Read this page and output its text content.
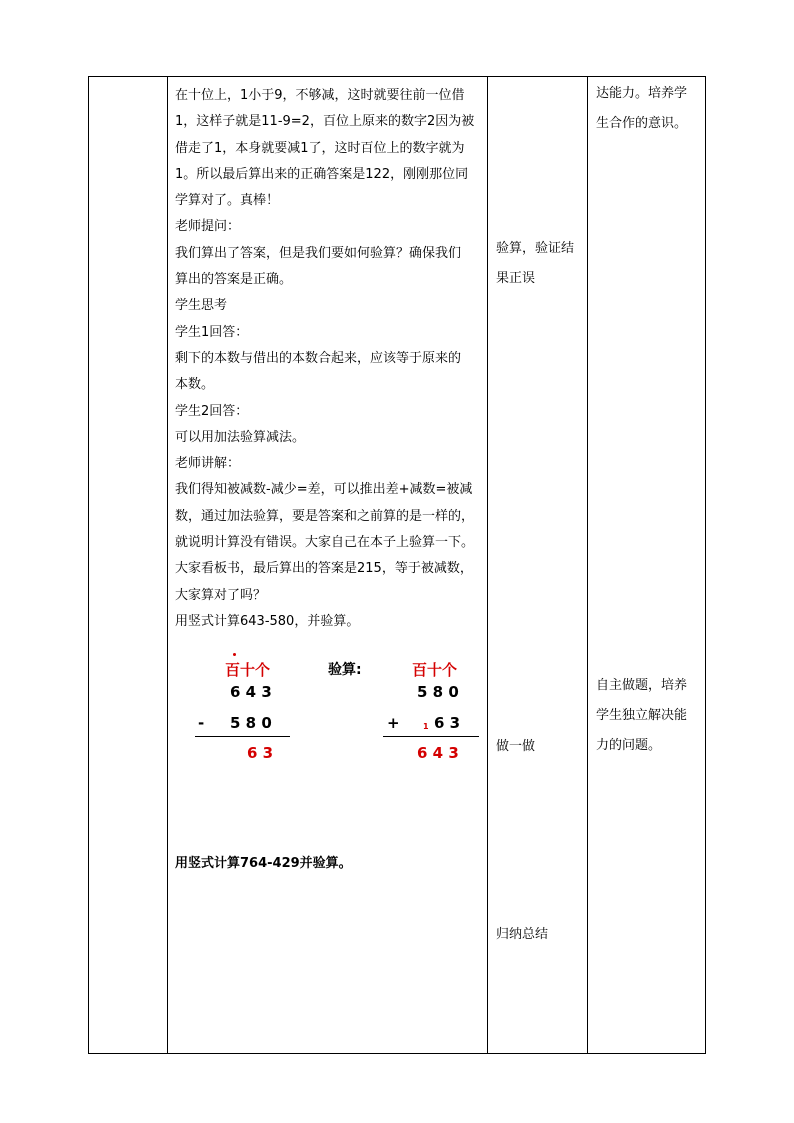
在十位上，1小于9，不够减，这时就要往前一位借
1，这样子就是11-9=2，百位上原来的数字2因为被
借走了1，本身就要减1了，这时百位上的数字就为
1。所以最后算出来的正确答案是122，刚刚那位同
学算对了。真棒！
老师提问：
我们算出了答案，但是我们要如何验算？确保我们
算出的答案是正确。
学生思考
学生1回答：
剩下的本数与借出的本数合起来，应该等于原来的
本数。
学生2回答：
可以用加法验算减法。
老师讲解：
我们得知被减数-减少=差，可以推出差+减数=被减
数，通过加法验算，要是答案和之前算的是一样的，
就说明计算没有错误。大家自己在本子上验算一下。
大家看板书，最后算出的答案是215，等于被减数，
大家算对了吗？
用竖式计算643-580，并验算。
百十个
6 4 3
- 5 8 0
6 3
验算:	百十个
5 8 0
+	1 6 3
6 4 3
用竖式计算764-429并验算。
验算，验证结
果正误
做一做
归纳总结
达能力。培养学
生合作的意识。
自主做题，培养
学生独立解决能
力的问题。
